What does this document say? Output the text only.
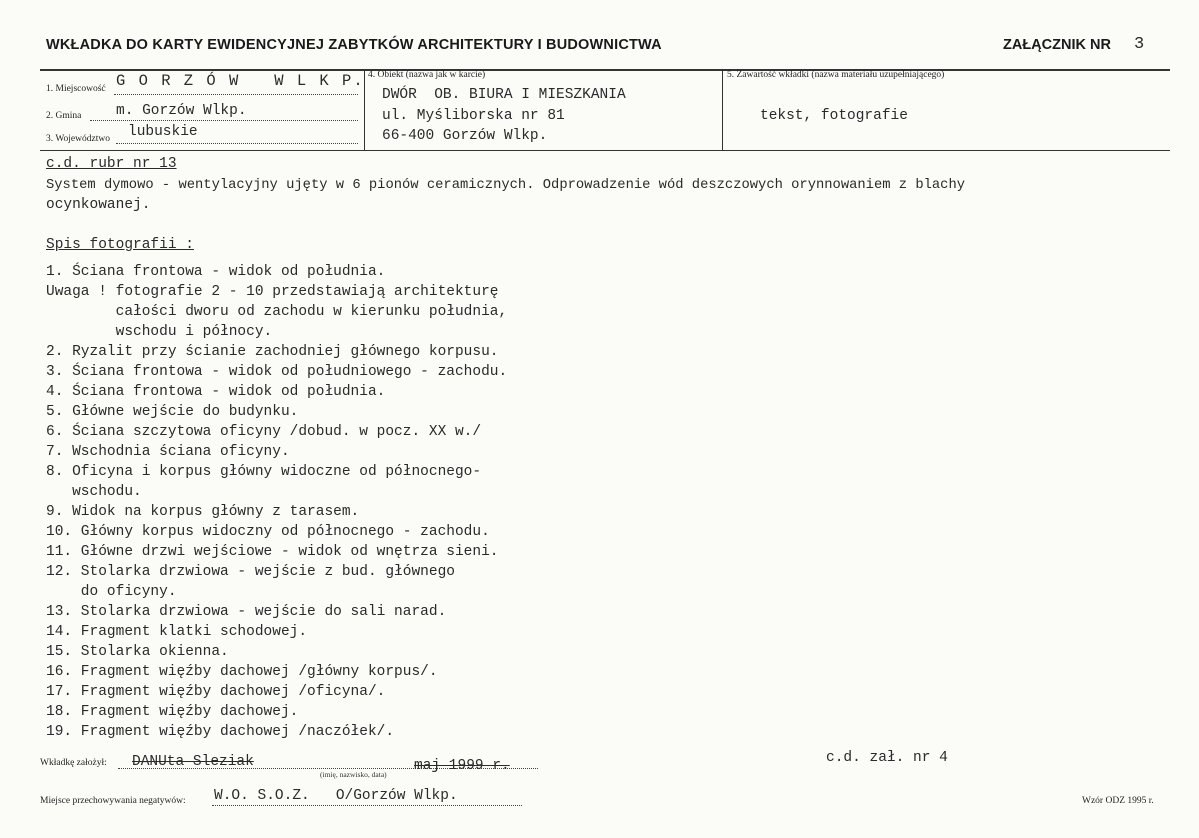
WKŁADKA DO KARTY EWIDENCYJNEJ ZABYTKÓW ARCHITEKTURY I BUDOWNICTWA	ZAŁĄCZNIK NR 3
1. Miejscowość G O R Z Ó W   W L K P.
2. Gmina m. Gorzów Wlkp.
3. Województwo lubuskie
4. Obiekt (nazwa jak w karcie)
DWÓR  OB. BIURA I MIESZKANIA
ul. Myśliborska nr 81
66-400 Gorzów Wlkp.
5. Zawartość wkładki (nazwa materiału uzupełniającego)
tekst, fotografie
c.d. rubr nr 13
System dymowo - wentylacyjny ujęty w 6 pionów ceramicznych. Odprowadzenie wód deszczowych orynnowaniem z blachy
ocynkowanej.
Spis fotografii :
1. Ściana frontowa - widok od południa.
Uwaga ! fotografie 2 - 10 przedstawiają architekturę
całości dworu od zachodu w kierunku południa,
wschodu i północy.
2. Ryzalit przy ścianie zachodniej głównego korpusu.
3. Ściana frontowa - widok od południowego - zachodu.
4. Ściana frontowa - widok od południa.
5. Główne wejście do budynku.
6. Ściana szczytowa oficyny /dobud. w pocz. XX w./
7. Wschodnia ściana oficyny.
8. Oficyna i korpus główny widoczne od północnego-
wschodu.
9. Widok na korpus główny z tarasem.
10. Główny korpus widoczny od północnego - zachodu.
11. Główne drzwi wejściowe - widok od wnętrza sieni.
12. Stolarka drzwiowa - wejście z bud. głównego
do oficyny.
13. Stolarka drzwiowa - wejście do sali narad.
14. Fragment klatki schodowej.
15. Stolarka okienna.
16. Fragment więźby dachowej /główny korpus/.
17. Fragment więźby dachowej /oficyna/.
18. Fragment więźby dachowej.
19. Fragment więźby dachowej /naczółek/.
Wkładkę założył: DANUta Sleziak	maj 1999 r.
(imię, nazwisko, data)
c.d. zał. nr 4
Miejsce przechowywania negatywów: W.O. S.O.Z.   O/Gorzów Wlkp.	Wzór ODZ 1995 r.
